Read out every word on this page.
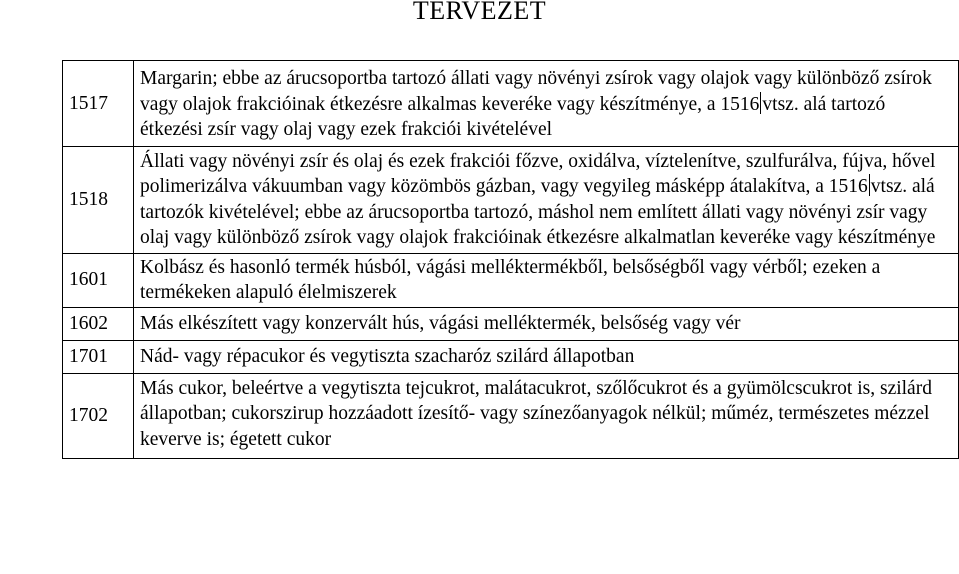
TERVEZET
1517	Margarin; ebbe az árucsoportba tartozó állati vagy növényi zsírok vagy olajok vagy különböző zsírok vagy olajok frakcióinak étkezésre alkalmas keveréke vagy készítménye, a 1516 vtsz. alá tartozó étkezési zsír vagy olaj vagy ezek frakciói kivételével
1518	Állati vagy növényi zsír és olaj és ezek frakciói főzve, oxidálva, víztelenítve, szulfurálva, fújva, hővel polimerizálva vákuumban vagy közömbös gázban, vagy vegyileg másképp átalakítva, a 1516 vtsz. alá tartozók kivételével; ebbe az árucsoportba tartozó, máshol nem említett állati vagy növényi zsír vagy olaj vagy különböző zsírok vagy olajok frakcióinak étkezésre alkalmatlan keveréke vagy készítménye
1601	Kolbász és hasonló termék húsból, vágási melléktermékből, belsőségből vagy vérből; ezeken a termékeken alapuló élelmiszerek
1602	Más elkészített vagy konzervált hús, vágási melléktermék, belsőség vagy vér
1701	Nád- vagy répacukor és vegytiszta szacharóz szilárd állapotban
1702	Más cukor, beleértve a vegytiszta tejcukrot, malátacukrot, szőlőcukrot és a gyümölcscukrot is, szilárd állapotban; cukorszirup hozzáadott ízesítő- vagy színezőanyagok nélkül; műméz, természetes mézzel keverve is; égetett cukor
